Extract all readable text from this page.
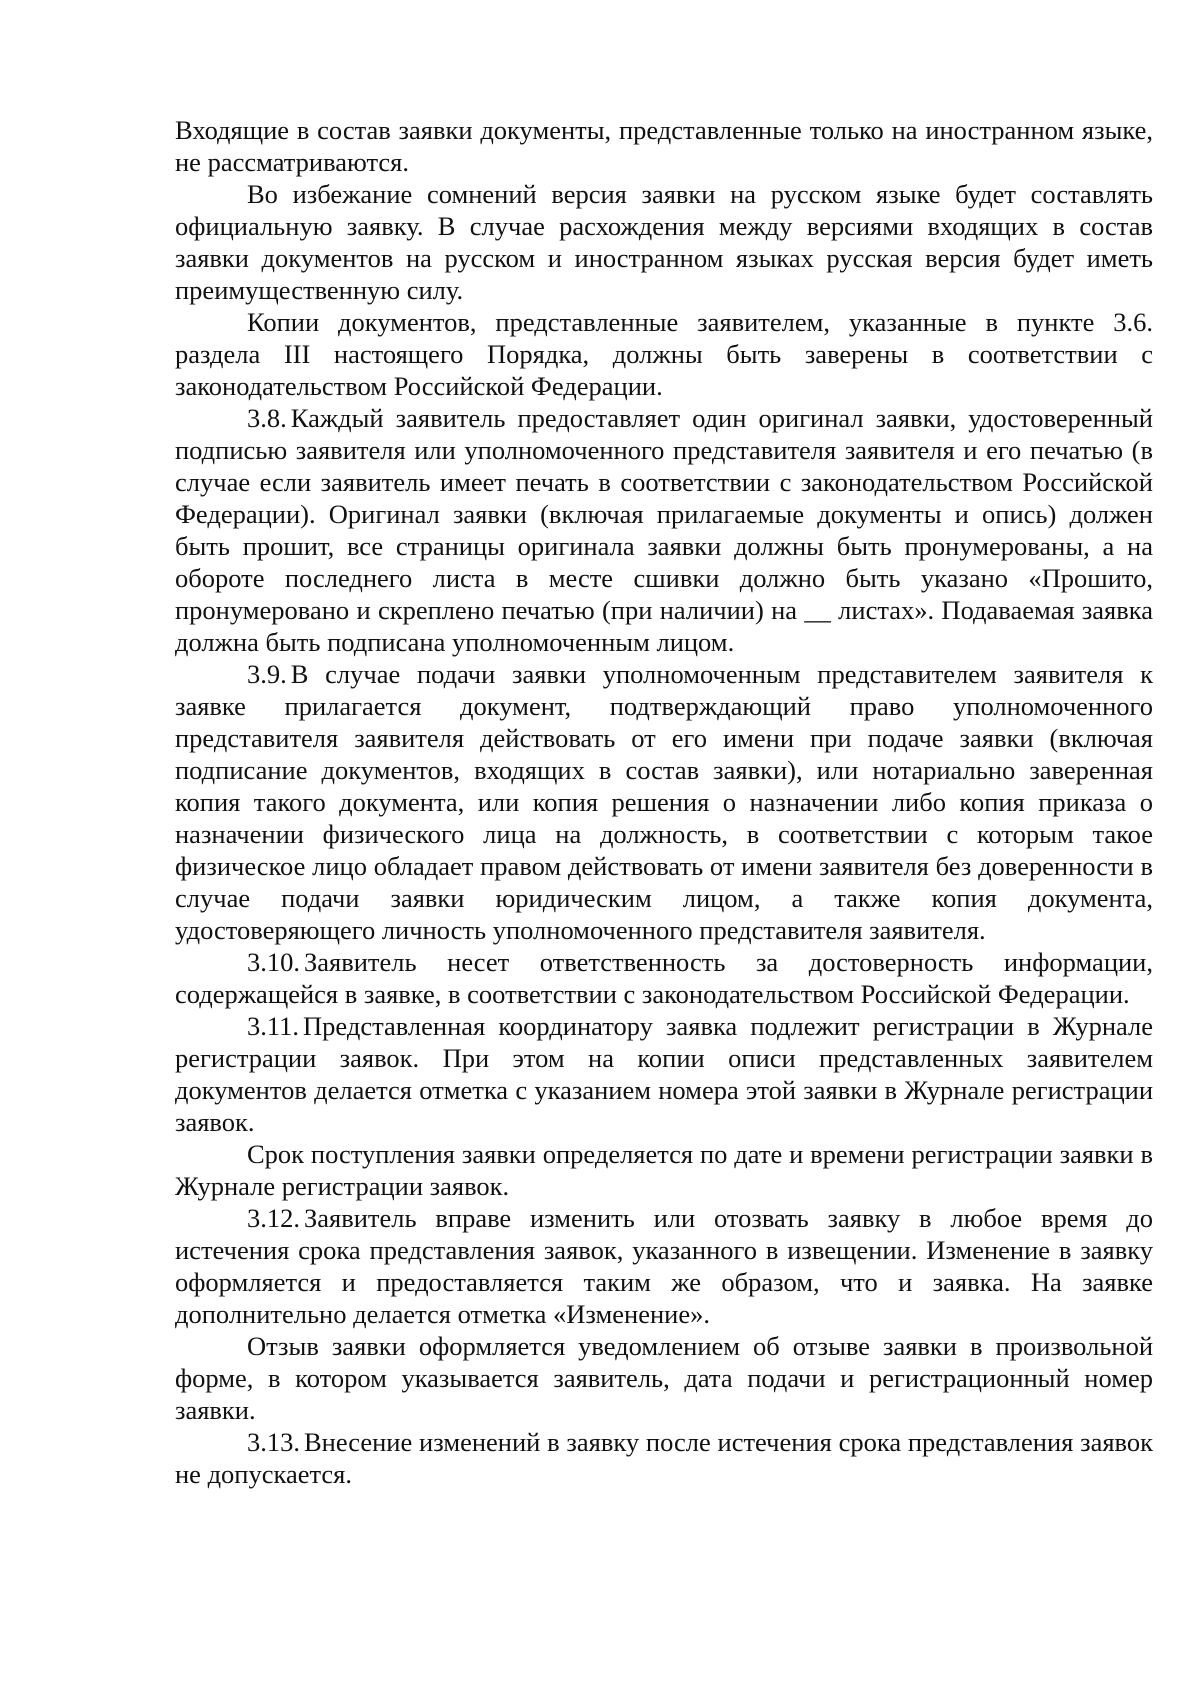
Входящие в состав заявки документы, представленные только на иностранном языке, не рассматриваются.

Во избежание сомнений версия заявки на русском языке будет составлять официальную заявку. В случае расхождения между версиями входящих в состав заявки документов на русском и иностранном языках русская версия будет иметь преимущественную силу.

Копии документов, представленные заявителем, указанные в пункте 3.6. раздела III настоящего Порядка, должны быть заверены в соответствии с законодательством Российской Федерации.

3.8. Каждый заявитель предоставляет один оригинал заявки, удостоверенный подписью заявителя или уполномоченного представителя заявителя и его печатью (в случае если заявитель имеет печать в соответствии с законодательством Российской Федерации). Оригинал заявки (включая прилагаемые документы и опись) должен быть прошит, все страницы оригинала заявки должны быть пронумерованы, а на обороте последнего листа в месте сшивки должно быть указано «Прошито, пронумеровано и скреплено печатью (при наличии) на __ листах». Подаваемая заявка должна быть подписана уполномоченным лицом.

3.9. В случае подачи заявки уполномоченным представителем заявителя к заявке прилагается документ, подтверждающий право уполномоченного представителя заявителя действовать от его имени при подаче заявки (включая подписание документов, входящих в состав заявки), или нотариально заверенная копия такого документа, или копия решения о назначении либо копия приказа о назначении физического лица на должность, в соответствии с которым такое физическое лицо обладает правом действовать от имени заявителя без доверенности в случае подачи заявки юридическим лицом, а также копия документа, удостоверяющего личность уполномоченного представителя заявителя.

3.10. Заявитель несет ответственность за достоверность информации, содержащейся в заявке, в соответствии с законодательством Российской Федерации.

3.11. Представленная координатору заявка подлежит регистрации в Журнале регистрации заявок. При этом на копии описи представленных заявителем документов делается отметка с указанием номера этой заявки в Журнале регистрации заявок.

Срок поступления заявки определяется по дате и времени регистрации заявки в Журнале регистрации заявок.

3.12. Заявитель вправе изменить или отозвать заявку в любое время до истечения срока представления заявок, указанного в извещении. Изменение в заявку оформляется и предоставляется таким же образом, что и заявка. На заявке дополнительно делается отметка «Изменение».

Отзыв заявки оформляется уведомлением об отзыве заявки в произвольной форме, в котором указывается заявитель, дата подачи и регистрационный номер заявки.

3.13. Внесение изменений в заявку после истечения срока представления заявок не допускается.
